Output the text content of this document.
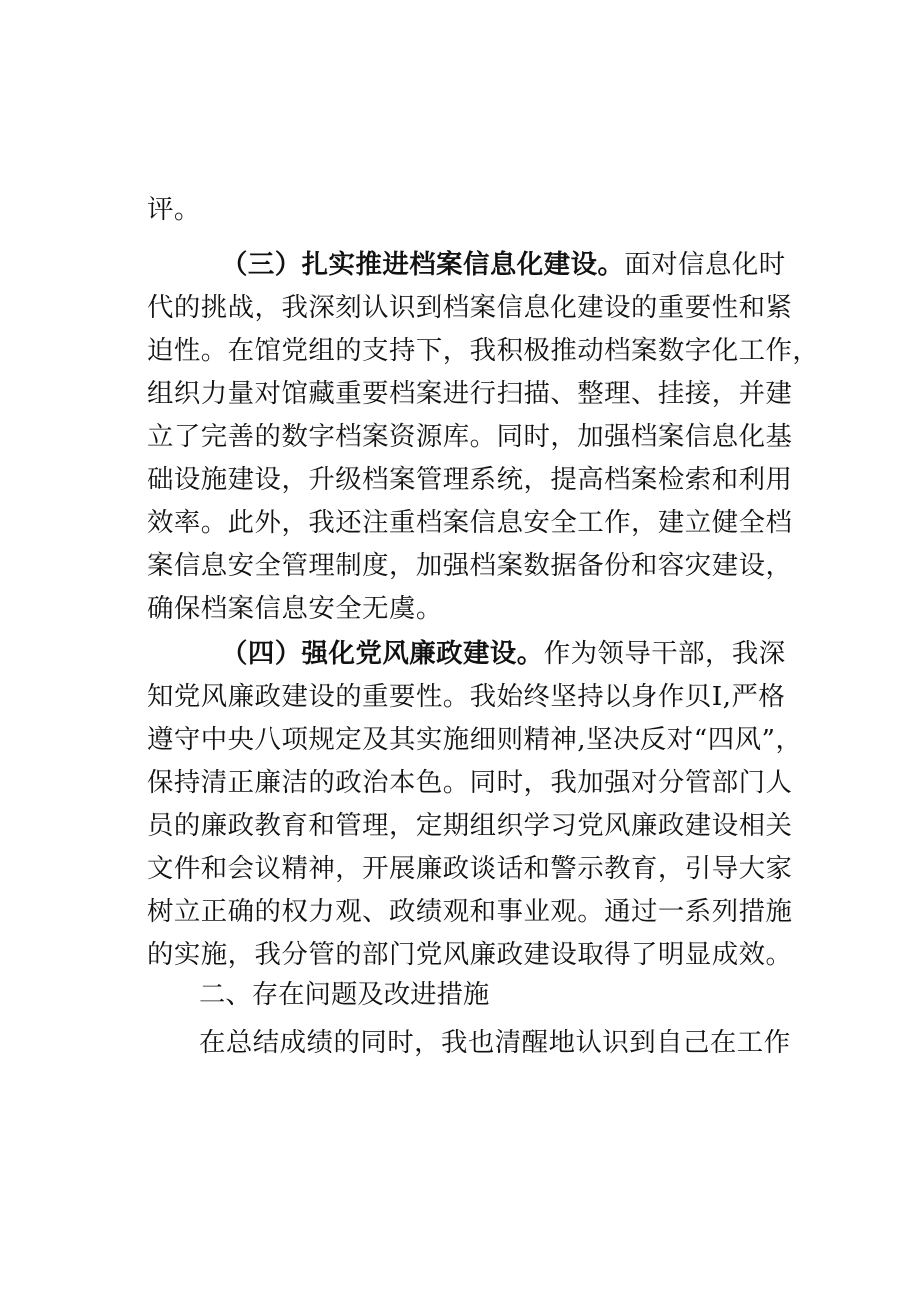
评。
（三）扎实推进档案信息化建设。面对信息化时
代的挑战，我深刻认识到档案信息化建设的重要性和紧
迫性。在馆党组的支持下，我积极推动档案数字化工作，
组织力量对馆藏重要档案进行扫描、整理、挂接，并建
立了完善的数字档案资源库。同时，加强档案信息化基
础设施建设，升级档案管理系统，提高档案检索和利用
效率。此外，我还注重档案信息安全工作，建立健全档
案信息安全管理制度，加强档案数据备份和容灾建设，
确保档案信息安全无虞。
（四）强化党风廉政建设。作为领导干部，我深
知党风廉政建设的重要性。我始终坚持以身作贝I,严格
遵守中央八项规定及其实施细则精神,坚决反对“四风”，
保持清正廉洁的政治本色。同时，我加强对分管部门人
员的廉政教育和管理，定期组织学习党风廉政建设相关
文件和会议精神，开展廉政谈话和警示教育，引导大家
树立正确的权力观、政绩观和事业观。通过一系列措施
的实施，我分管的部门党风廉政建设取得了明显成效。
二、存在问题及改进措施
在总结成绩的同时，我也清醒地认识到自己在工作
